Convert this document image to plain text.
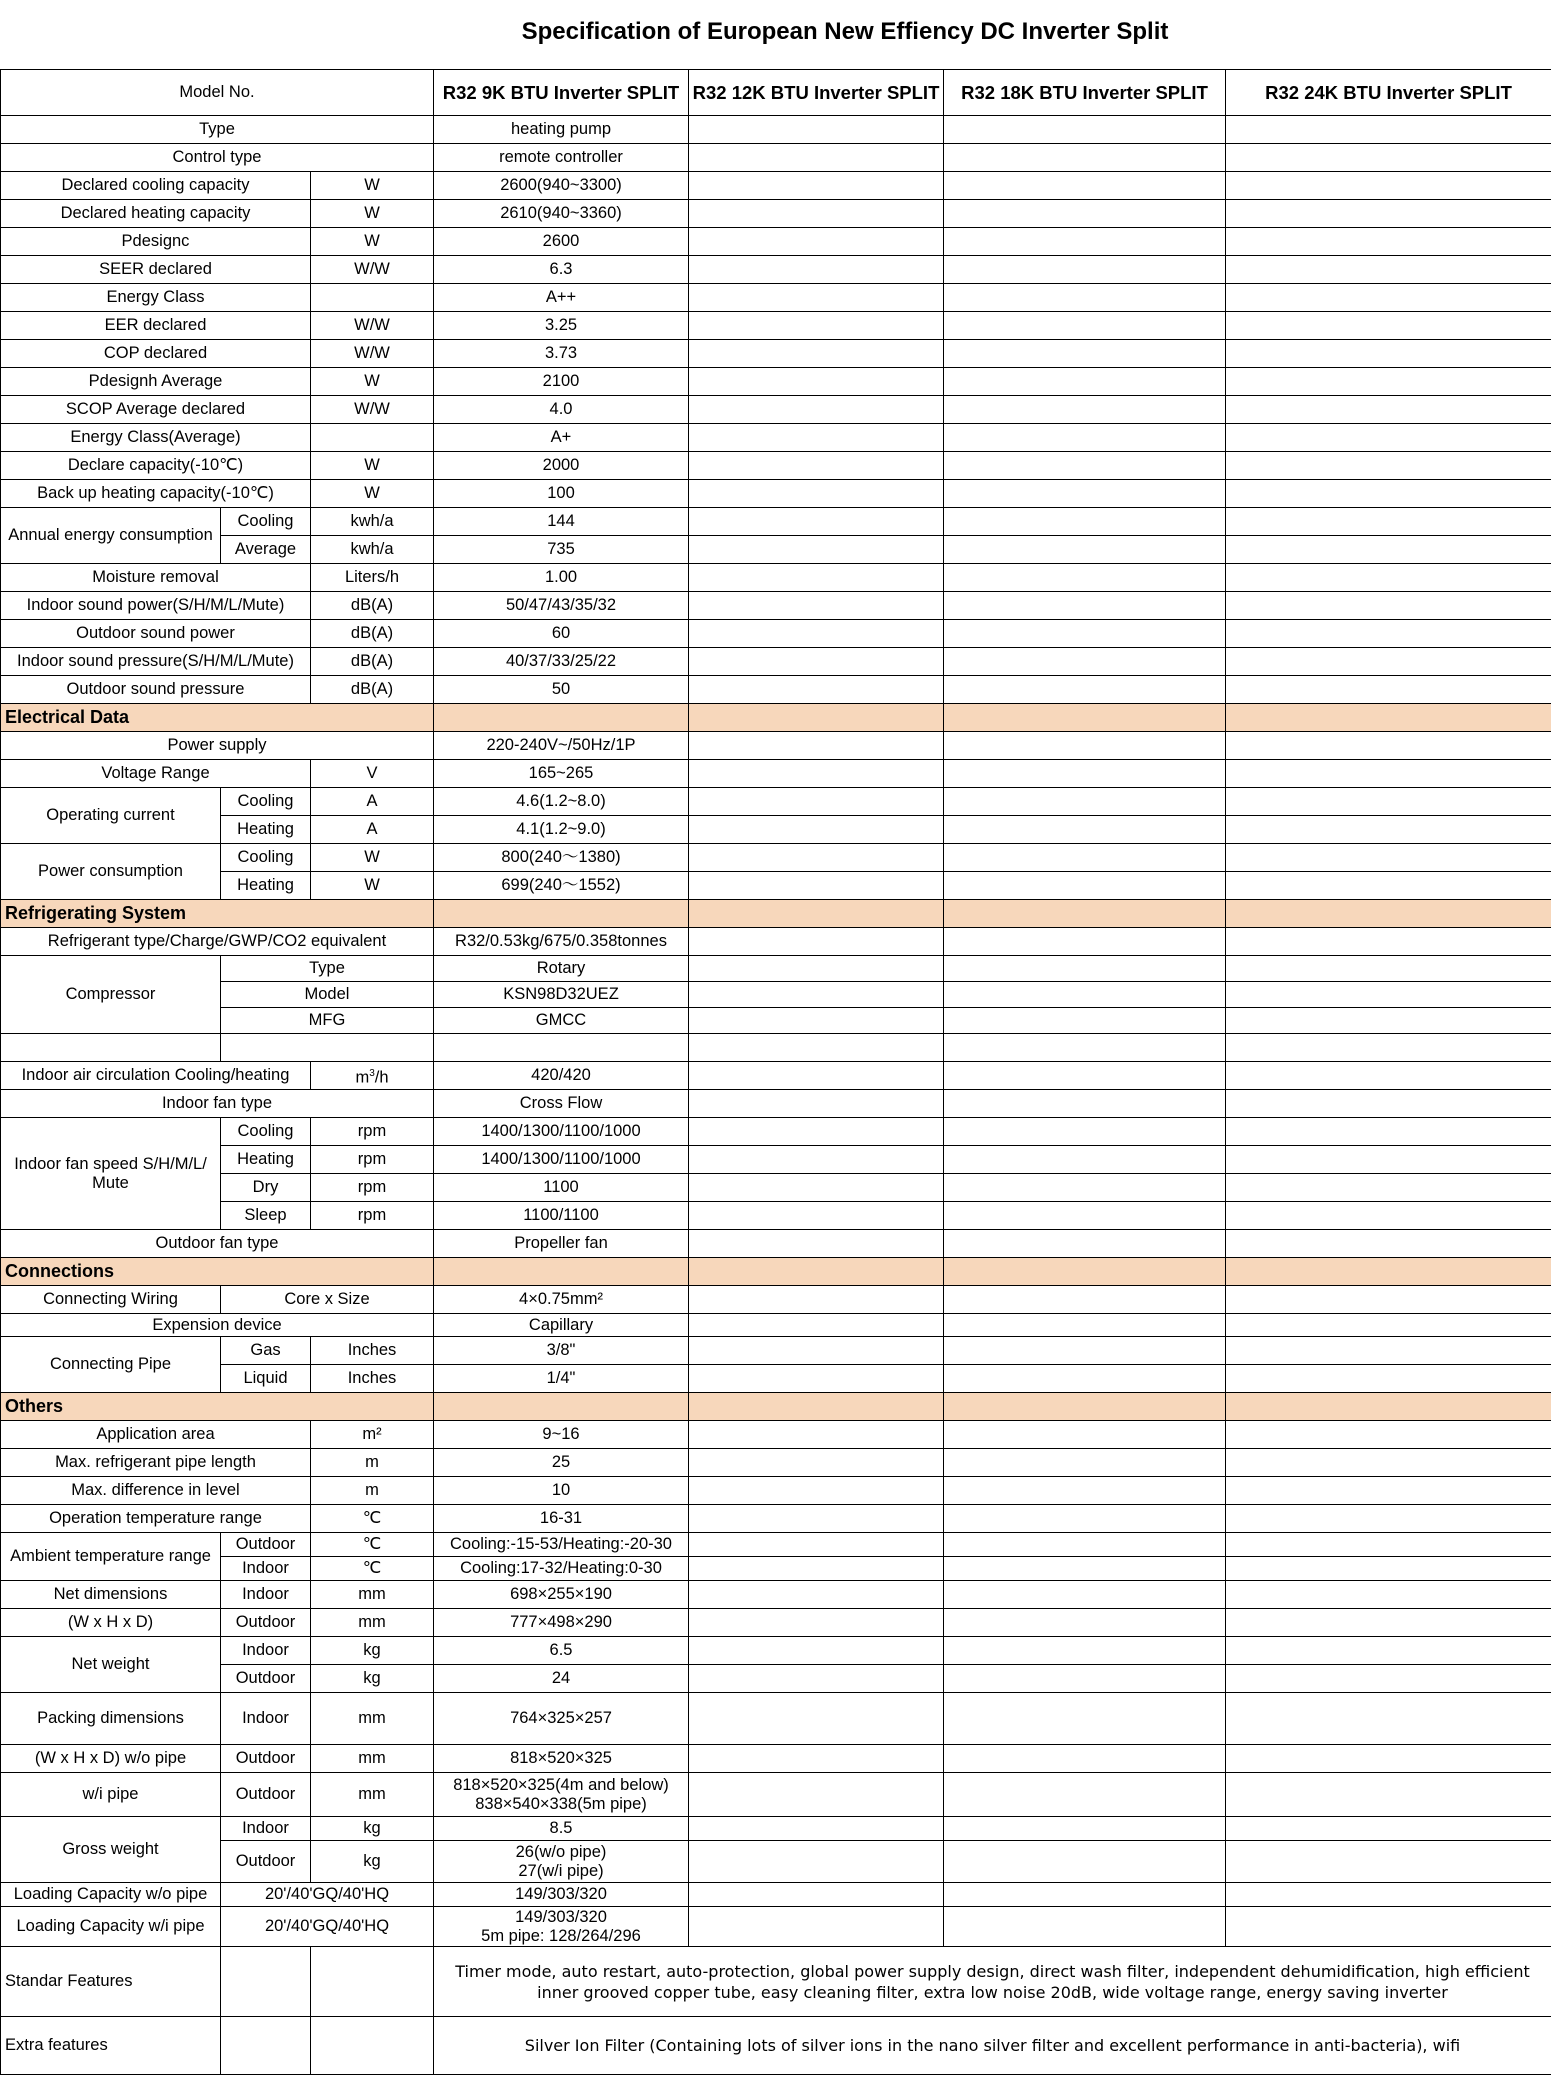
Specification of European New Effiency DC Inverter Split
Model No.			R32 9K BTU Inverter SPLIT	R32 12K BTU Inverter SPLIT	R32 18K BTU Inverter SPLIT	R32 24K BTU Inverter SPLIT
Type			heating pump			
Control type			remote controller			
Declared cooling capacity		W	2600(940~3300)			
Declared heating capacity		W	2610(940~3360)			
Pdesignc		W	2600			
SEER declared		W/W	6.3			
Energy Class			A++			
EER declared		W/W	3.25			
COP declared		W/W	3.73			
Pdesignh Average		W	2100			
SCOP Average declared		W/W	4.0			
Energy Class(Average)			A+			
Declare capacity(-10℃)		W	2000			
Back up heating capacity(-10℃)		W	100			
Annual energy consumption	Cooling	kwh/a	144			
	Average	kwh/a	735			
Moisture removal		Liters/h	1.00			
Indoor sound power(S/H/M/L/Mute)		dB(A)	50/47/43/35/32			
Outdoor sound power		dB(A)	60			
Indoor sound pressure(S/H/M/L/Mute)		dB(A)	40/37/33/25/22			
Outdoor sound pressure		dB(A)	50			
Electrical Data						
Power supply			220-240V~/50Hz/1P			
Voltage Range		V	165~265			
Operating current	Cooling	A	4.6(1.2~8.0)			
	Heating	A	4.1(1.2~9.0)			
Power consumption	Cooling	W	800(240～1380)			
	Heating	W	699(240～1552)			
Refrigerating System						
Refrigerant type/Charge/GWP/CO2 equivalent			R32/0.53kg/675/0.358tonnes			
Compressor	Type		Rotary			
	Model		KSN98D32UEZ			
	MFG		GMCC			

Indoor air circulation Cooling/heating		$m^3/h$	420/420			
Indoor fan type			Cross Flow			
Indoor fan speed S/H/M/L/ Mute	Cooling	rpm	1400/1300/1100/1000			
	Heating	rpm	1400/1300/1100/1000			
	Dry	rpm	1100			
	Sleep	rpm	1100/1100			
Outdoor fan type			Propeller fan			
Connections						
Connecting Wiring	Core x Size		4×0.75mm²			
Expension device			Capillary			
Connecting Pipe	Gas	Inches	3/8"			
	Liquid	Inches	1/4"			
Others						
Application area		m²	9~16			
Max. refrigerant pipe length		m	25			
Max. difference in level		m	10			
Operation temperature range		℃	16-31			
Ambient temperature range	Outdoor	℃	Cooling:-15-53/Heating:-20-30			
	Indoor	℃	Cooling:17-32/Heating:0-30			
Net dimensions	Indoor	mm	698×255×190			
(W x H x D)	Outdoor	mm	777×498×290			
Net weight	Indoor	kg	6.5			
	Outdoor	kg	24			
Packing dimensions	Indoor	mm	764×325×257			
(W x H x D) w/o pipe	Outdoor	mm	818×520×325			
w/i pipe	Outdoor	mm	818×520×325(4m and below)
838×540×338(5m pipe)			

Gross weight	Indoor	kg	8.5			
	Outdoor	kg	26(w/o pipe)
27(w/i pipe)			

Loading Capacity w/o pipe	20'/40'GQ/40'HQ		149/303/320			
Loading Capacity w/i pipe	20'/40'GQ/40'HQ		149/303/320
5m pipe: 128/264/296			

Standar Features			Timer mode, auto restart, auto-protection, global power supply design, direct wash filter, independent dehumidification, high efficient inner grooved copper tube, easy cleaning filter, extra low noise 20dB, wide voltage range, energy saving inverter			
Extra features			Silver Ion Filter (Containing lots of silver ions in the nano silver filter and excellent performance in anti-bacteria), wifi			
